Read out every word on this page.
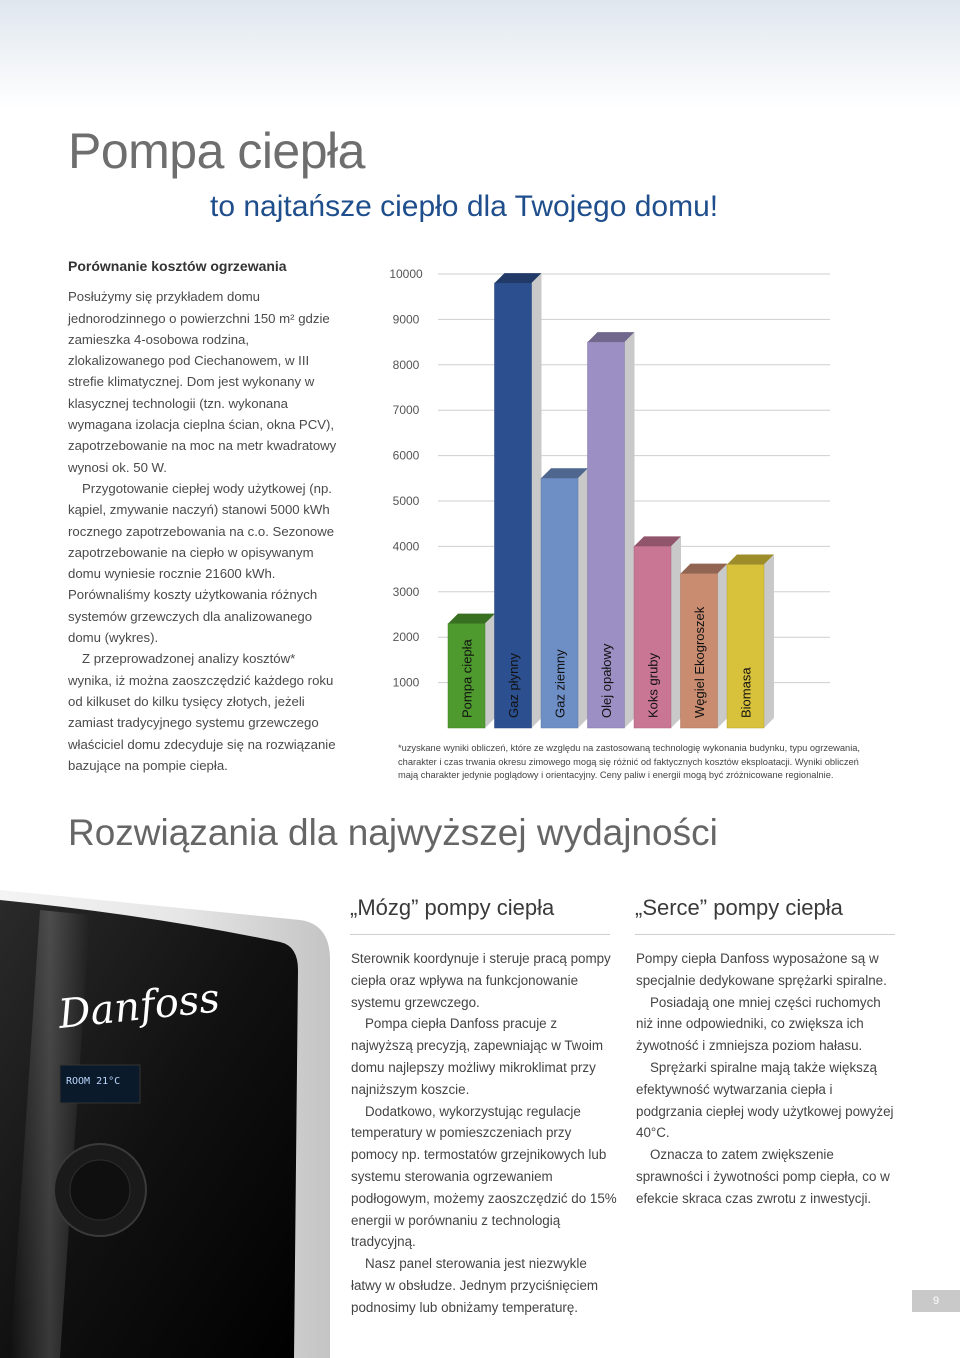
Pompa ciepła
to najtańsze ciepło dla Twojego domu!
Porównanie kosztów ogrzewania

Posłużymy się przykładem domu jednorodzinnego o powierzchni 150 m² gdzie zamieszka 4-osobowa rodzina, zlokalizowanego pod Ciechanowem, w III strefie klimatycznej. Dom jest wykonany w klasycznej technologii (tzn. wykonana wymagana izolacja cieplna ścian, okna PCV), zapotrzebowanie na moc na metr kwadratowy wynosi ok. 50 W.

Przygotowanie ciepłej wody użytkowej (np. kąpiel, zmywanie naczyń) stanowi 5000 kWh rocznego zapotrzebowania na c.o. Sezonowe zapotrzebowanie na ciepło w opisywanym domu wyniesie rocznie 21600 kWh. Porównaliśmy koszty użytkowania różnych systemów grzewczych dla analizowanego domu (wykres).

Z przeprowadzonej analizy kosztów* wynika, iż można zaoszczędzić każdego roku od kilkuset do kilku tysięcy złotych, jeżeli zamiast tradycyjnego systemu grzewczego właściciel domu zdecyduje się na rozwiązanie bazujące na pompie ciepła.

10000
9000
8000
7000
6000
5000
4000
3000
2000
1000	Pompa ciepła Gaz płynny Gaz ziemny Olej opałowy Koks gruby Węgiel Ekogroszek Biomasa

*uzyskane wyniki obliczeń, które ze względu na zastosowaną technologię wykonania budynku, typu ogrzewania, charakter i czas trwania okresu zimowego mogą się różnić od faktycznych kosztów eksploatacji. Wyniki obliczeń mają charakter jedynie poglądowy i orientacyjny. Ceny paliw i energii mogą być zróżnicowane regionalnie.

Rozwiązania dla najwyższej wydajności
Danfoss
ROOM 21°C
„Mózg” pompy ciepła

Sterownik koordynuje i steruje pracą pompy ciepła oraz wpływa na funkcjonowanie systemu grzewczego.

Pompa ciepła Danfoss pracuje z najwyższą precyzją, zapewniając w Twoim domu najlepszy możliwy mikroklimat przy najniższym koszcie.

Dodatkowo, wykorzystując regulacje temperatury w pomieszczeniach przy pomocy np. termostatów grzejnikowych lub systemu sterowania ogrzewaniem podłogowym, możemy zaoszczędzić do 15% energii w porównaniu z technologią tradycyjną.

Nasz panel sterowania jest niezwykle łatwy w obsłudze. Jednym przyciśnięciem podnosimy lub obniżamy temperaturę.

„Serce” pompy ciepła

Pompy ciepła Danfoss wyposażone są w specjalnie dedykowane sprężarki spiralne.

Posiadają one mniej części ruchomych niż inne odpowiedniki, co zwiększa ich żywotność i zmniejsza poziom hałasu.

Sprężarki spiralne mają także większą efektywność wytwarzania ciepła i podgrzania ciepłej wody użytkowej powyżej 40°C.

Oznacza to zatem zwiększenie sprawności i żywotności pomp ciepła, co w efekcie skraca czas zwrotu z inwestycji.

9
